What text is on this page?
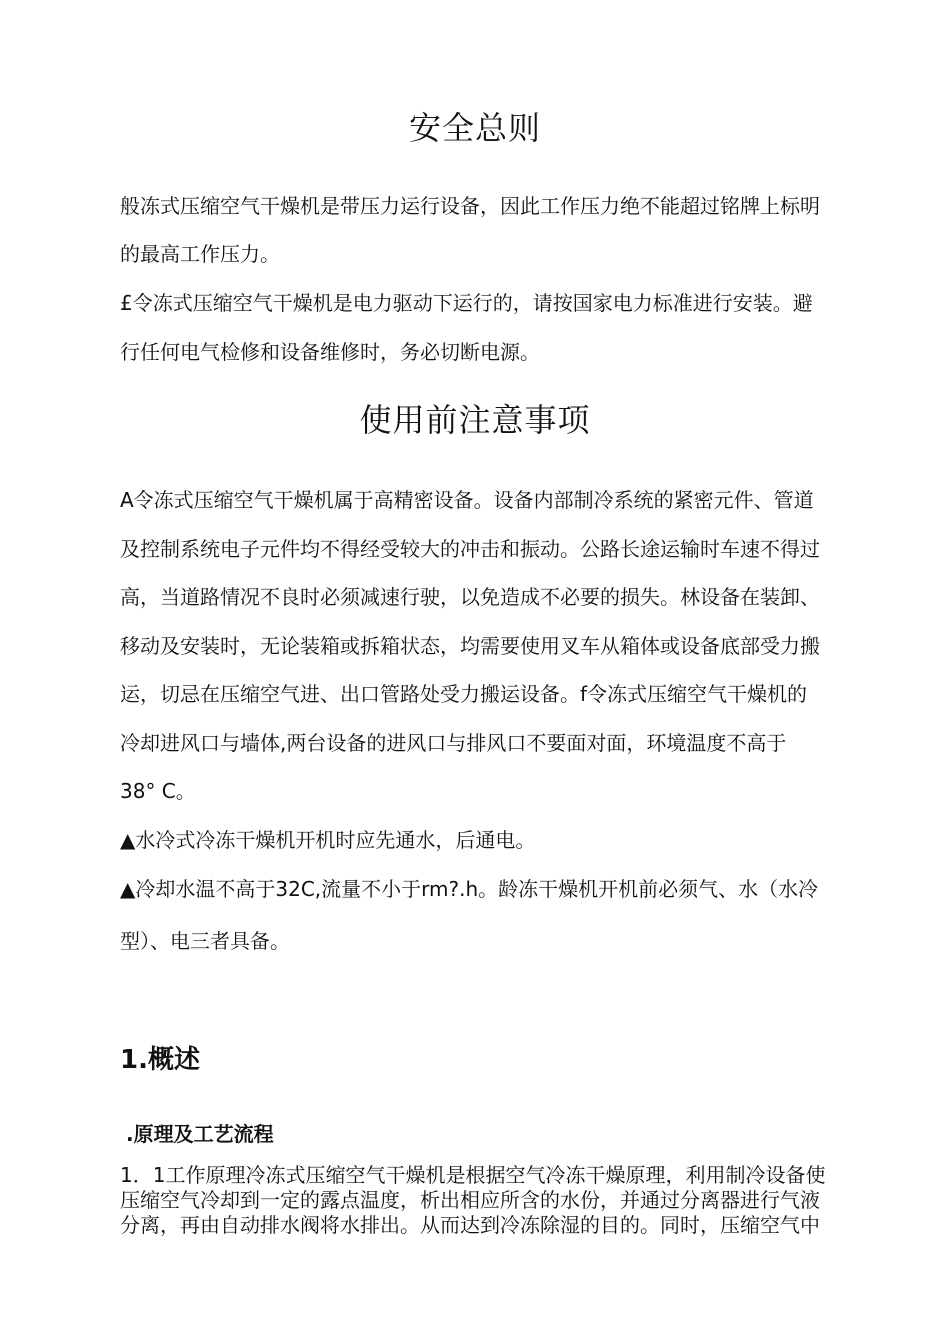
安全总则

般冻式压缩空气干燥机是带压力运行设备，因此工作压力绝不能超过铭牌上标明

的最高工作压力。

£令冻式压缩空气干燥机是电力驱动下运行的，请按国家电力标准进行安装。避

行任何电气检修和设备维修时，务必切断电源。

使用前注意事项

A令冻式压缩空气干燥机属于高精密设备。设备内部制冷系统的紧密元件、管道

及控制系统电子元件均不得经受较大的冲击和振动。公路长途运输时车速不得过

高，当道路情况不良时必须减速行驶，以免造成不必要的损失。林设备在装卸、

移动及安装时，无论装箱或拆箱状态，均需要使用叉车从箱体或设备底部受力搬

运，切忌在压缩空气进、出口管路处受力搬运设备。f令冻式压缩空气干燥机的

冷却进风口与墙体,两台设备的进风口与排风口不要面对面，环境温度不高于

38° C。

▲水冷式冷冻干燥机开机时应先通水，后通电。

▲冷却水温不高于32C,流量不小于rm?.h。龄冻干燥机开机前必须气、水（水冷

型）、电三者具备。

1.概述
.原理及工艺流程

1．1工作原理冷冻式压缩空气干燥机是根据空气冷冻干燥原理，利用制冷设备使

压缩空气冷却到一定的露点温度，析出相应所含的水份，并通过分离器进行气液

分离，再由自动排水阀将水排出。从而达到冷冻除湿的目的。同时，压缩空气中
